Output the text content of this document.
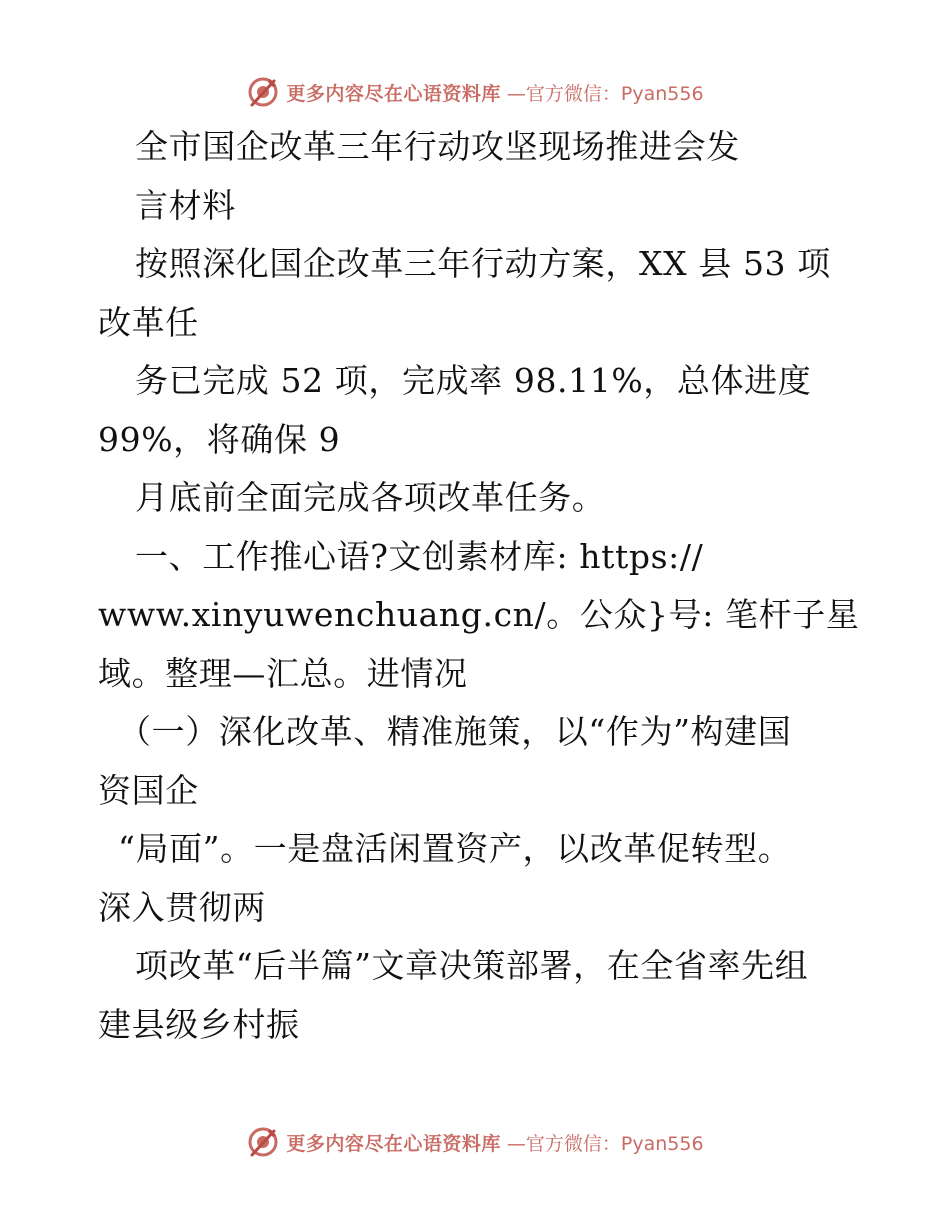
更多内容尽在心语资料库 —官方微信：Pyan556
全市国企改革三年行动攻坚现场推进会发
言材料
按照深化国企改革三年行动方案，XX 县 53 项
改革任
务已完成 52 项，完成率 98.11%，总体进度
99%，将确保 9
月底前全面完成各项改革任务。
一、工作推心语?文创素材库: https://
www.xinyuwenchuang.cn/。公众}号: 笔杆子星
域。整理—汇总。进情况
（一）深化改革、精准施策，以“作为”构建国
资国企
“局面”。一是盘活闲置资产，以改革促转型。
深入贯彻两
项改革“后半篇”文章决策部署，在全省率先组
建县级乡村振
更多内容尽在心语资料库 —官方微信：Pyan556
